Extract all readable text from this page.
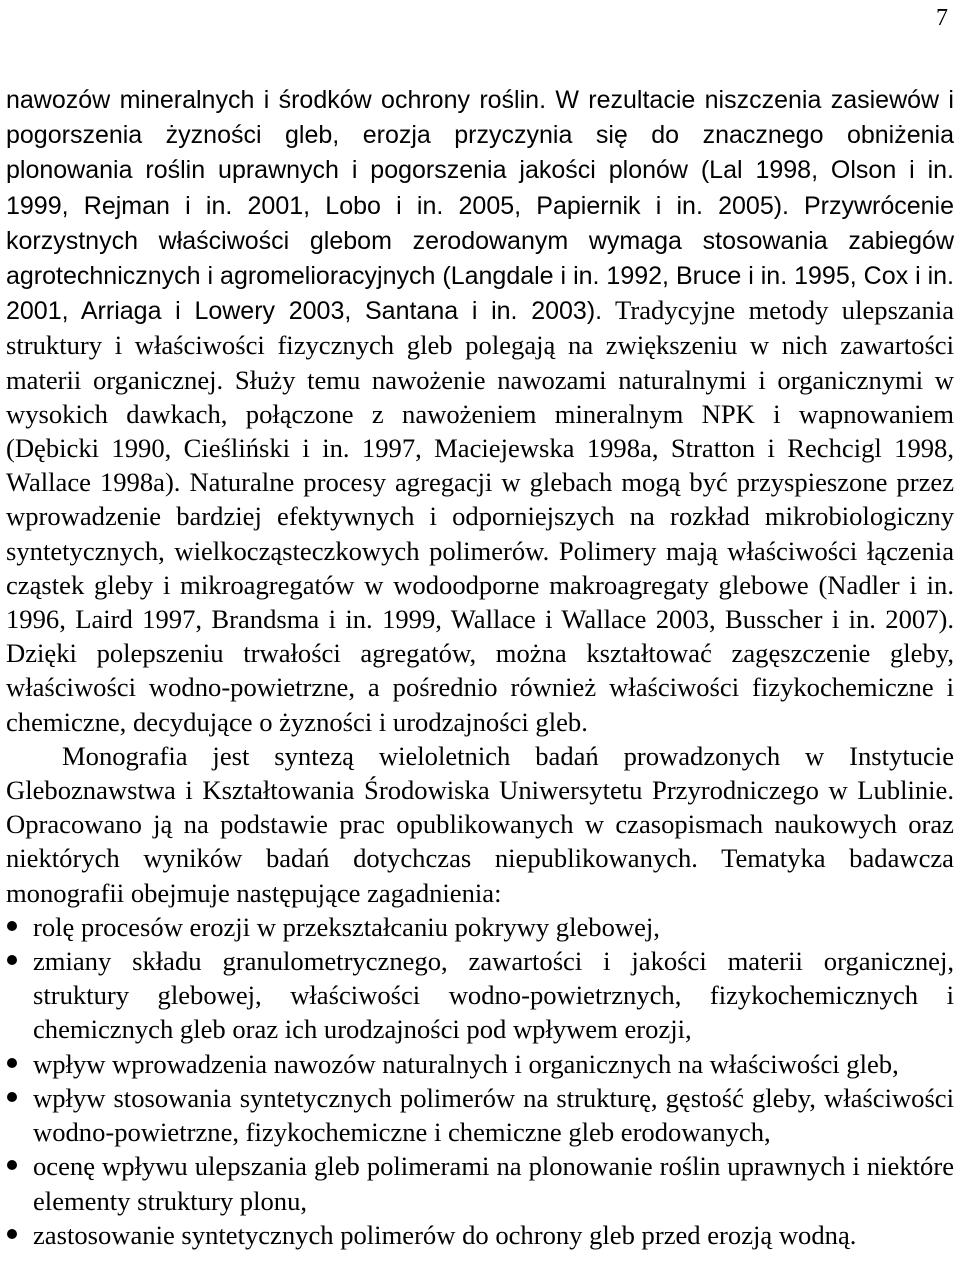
7

nawozów mineralnych i środków ochrony roślin. W rezultacie niszczenia zasiewów i pogorszenia żyzności gleb, erozja przyczynia się do znacznego obniżenia plonowania roślin uprawnych i pogorszenia jakości plonów (Lal 1998, Olson i in. 1999, Rejman i in. 2001, Lobo i in. 2005, Papiernik i in. 2005). Przywrócenie korzystnych właściwości glebom zerodowanym wymaga stosowania zabiegów agrotechnicznych i agromelioracyjnych (Langdale i in. 1992, Bruce i in. 1995, Cox i in. 2001, Arriaga i Lowery 2003, Santana i in. 2003). Tradycyjne metody ulepszania struktury i właściwości fizycznych gleb polegają na zwiększeniu w nich zawartości materii organicznej. Służy temu nawożenie nawozami naturalnymi i organicznymi w wysokich dawkach, połączone z nawożeniem mineralnym NPK i wapnowaniem (Dębicki 1990, Cieśliński i in. 1997, Maciejewska 1998a, Stratton i Rechcigl 1998, Wallace 1998a). Naturalne procesy agregacji w glebach mogą być przyspieszone przez wprowadzenie bardziej efektywnych i odporniejszych na rozkład mikrobiologiczny syntetycznych, wielkocząsteczkowych polimerów. Polimery mają właściwości łączenia cząstek gleby i mikroagregatów w wodoodporne makroagregaty glebowe (Nadler i in. 1996, Laird 1997, Brandsma i in. 1999, Wallace i Wallace 2003, Busscher i in. 2007). Dzięki polepszeniu trwałości agregatów, można kształtować zagęszczenie gleby, właściwości wodno-powietrzne, a pośrednio również właściwości fizykochemiczne i chemiczne, decydujące o żyzności i urodzajności gleb.

Monografia jest syntezą wieloletnich badań prowadzonych w Instytucie Gleboznawstwa i Kształtowania Środowiska Uniwersytetu Przyrodniczego w Lublinie. Opracowano ją na podstawie prac opublikowanych w czasopismach naukowych oraz niektórych wyników badań dotychczas niepublikowanych. Tematyka badawcza monografii obejmuje następujące zagadnienia:

rolę procesów erozji w przekształcaniu pokrywy glebowej,
zmiany składu granulometrycznego, zawartości i jakości materii organicznej, struktury glebowej, właściwości wodno-powietrznych, fizykochemicznych i chemicznych gleb oraz ich urodzajności pod wpływem erozji,
wpływ wprowadzenia nawozów naturalnych i organicznych na właściwości gleb,
wpływ stosowania syntetycznych polimerów na strukturę, gęstość gleby, właściwości wodno-powietrzne, fizykochemiczne i chemiczne gleb erodowanych,
ocenę wpływu ulepszania gleb polimerami na plonowanie roślin uprawnych i niektóre elementy struktury plonu,
zastosowanie syntetycznych polimerów do ochrony gleb przed erozją wodną.
